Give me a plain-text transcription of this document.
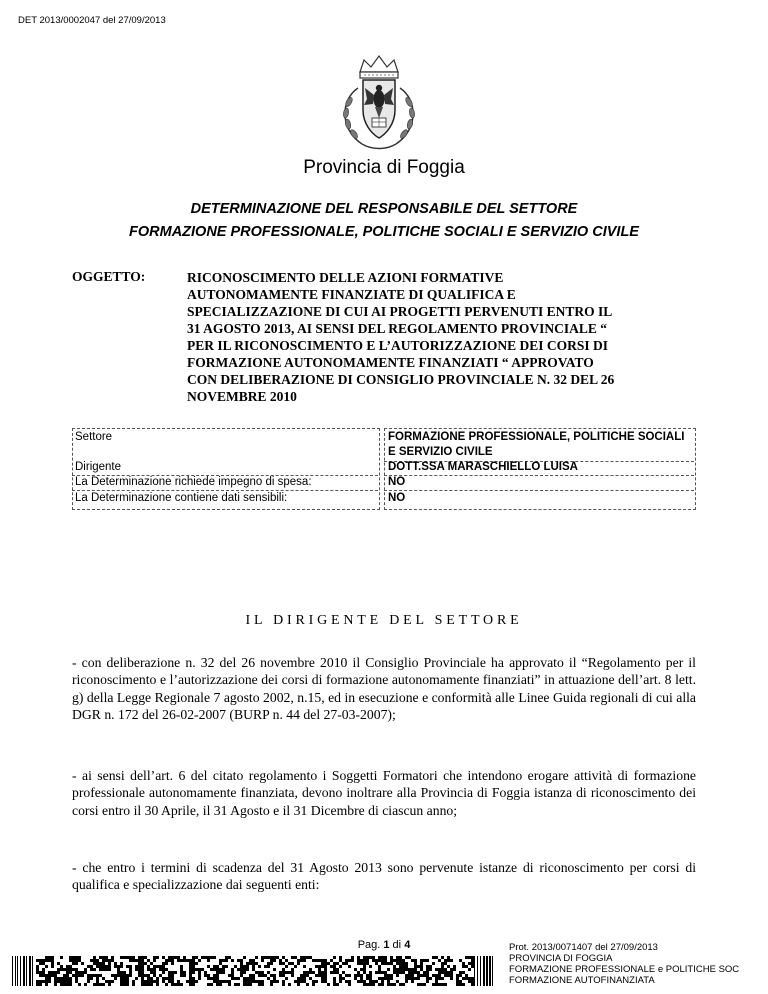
DET 2013/0002047 del 27/09/2013
Provincia di Foggia
DETERMINAZIONE DEL RESPONSABILE DEL SETTORE
FORMAZIONE PROFESSIONALE, POLITICHE SOCIALI E SERVIZIO CIVILE
OGGETTO:	RICONOSCIMENTO DELLE AZIONI FORMATIVE
AUTONOMAMENTE FINANZIATE DI QUALIFICA E
SPECIALIZZAZIONE DI CUI AI PROGETTI PERVENUTI ENTRO IL
31 AGOSTO 2013, AI SENSI DEL REGOLAMENTO PROVINCIALE “
PER IL RICONOSCIMENTO E L’AUTORIZZAZIONE DEI CORSI DI
FORMAZIONE AUTONOMAMENTE FINANZIATI “ APPROVATO
CON DELIBERAZIONE DI CONSIGLIO PROVINCIALE N. 32 DEL 26
NOVEMBRE 2010
Settore	FORMAZIONE PROFESSIONALE, POLITICHE SOCIALI
E SERVIZIO CIVILE
Dirigente	DOTT.SSA MARASCHIELLO LUISA
La Determinazione richiede impegno di spesa:	NO
La Determinazione contiene dati sensibili:	NO
IL DIRIGENTE DEL SETTORE
- con deliberazione n. 32 del 26 novembre 2010 il Consiglio Provinciale ha approvato il “Regolamento per il riconoscimento e l’autorizzazione dei corsi di formazione autonomamente finanziati” in attuazione dell’art. 8 lett. g) della Legge Regionale 7 agosto 2002, n.15, ed in esecuzione e conformità alle Linee Guida regionali di cui alla DGR n. 172 del 26-02-2007 (BURP n. 44 del 27-03-2007);
- ai sensi dell’art. 6 del citato regolamento i Soggetti Formatori che intendono erogare attività di formazione professionale autonomamente finanziata, devono inoltrare alla Provincia di Foggia istanza di riconoscimento dei corsi entro il 30 Aprile, il 31 Agosto e il 31 Dicembre di ciascun anno;
- che entro i termini di scadenza del 31 Agosto 2013 sono pervenute istanze di riconoscimento per corsi di qualifica e specializzazione dai seguenti enti:
Pag. 1 di 4	Prot. 2013/0071407 del 27/09/2013
PROVINCIA DI FOGGIA
FORMAZIONE PROFESSIONALE e POLITICHE SOC
FORMAZIONE AUTOFINANZIATA
